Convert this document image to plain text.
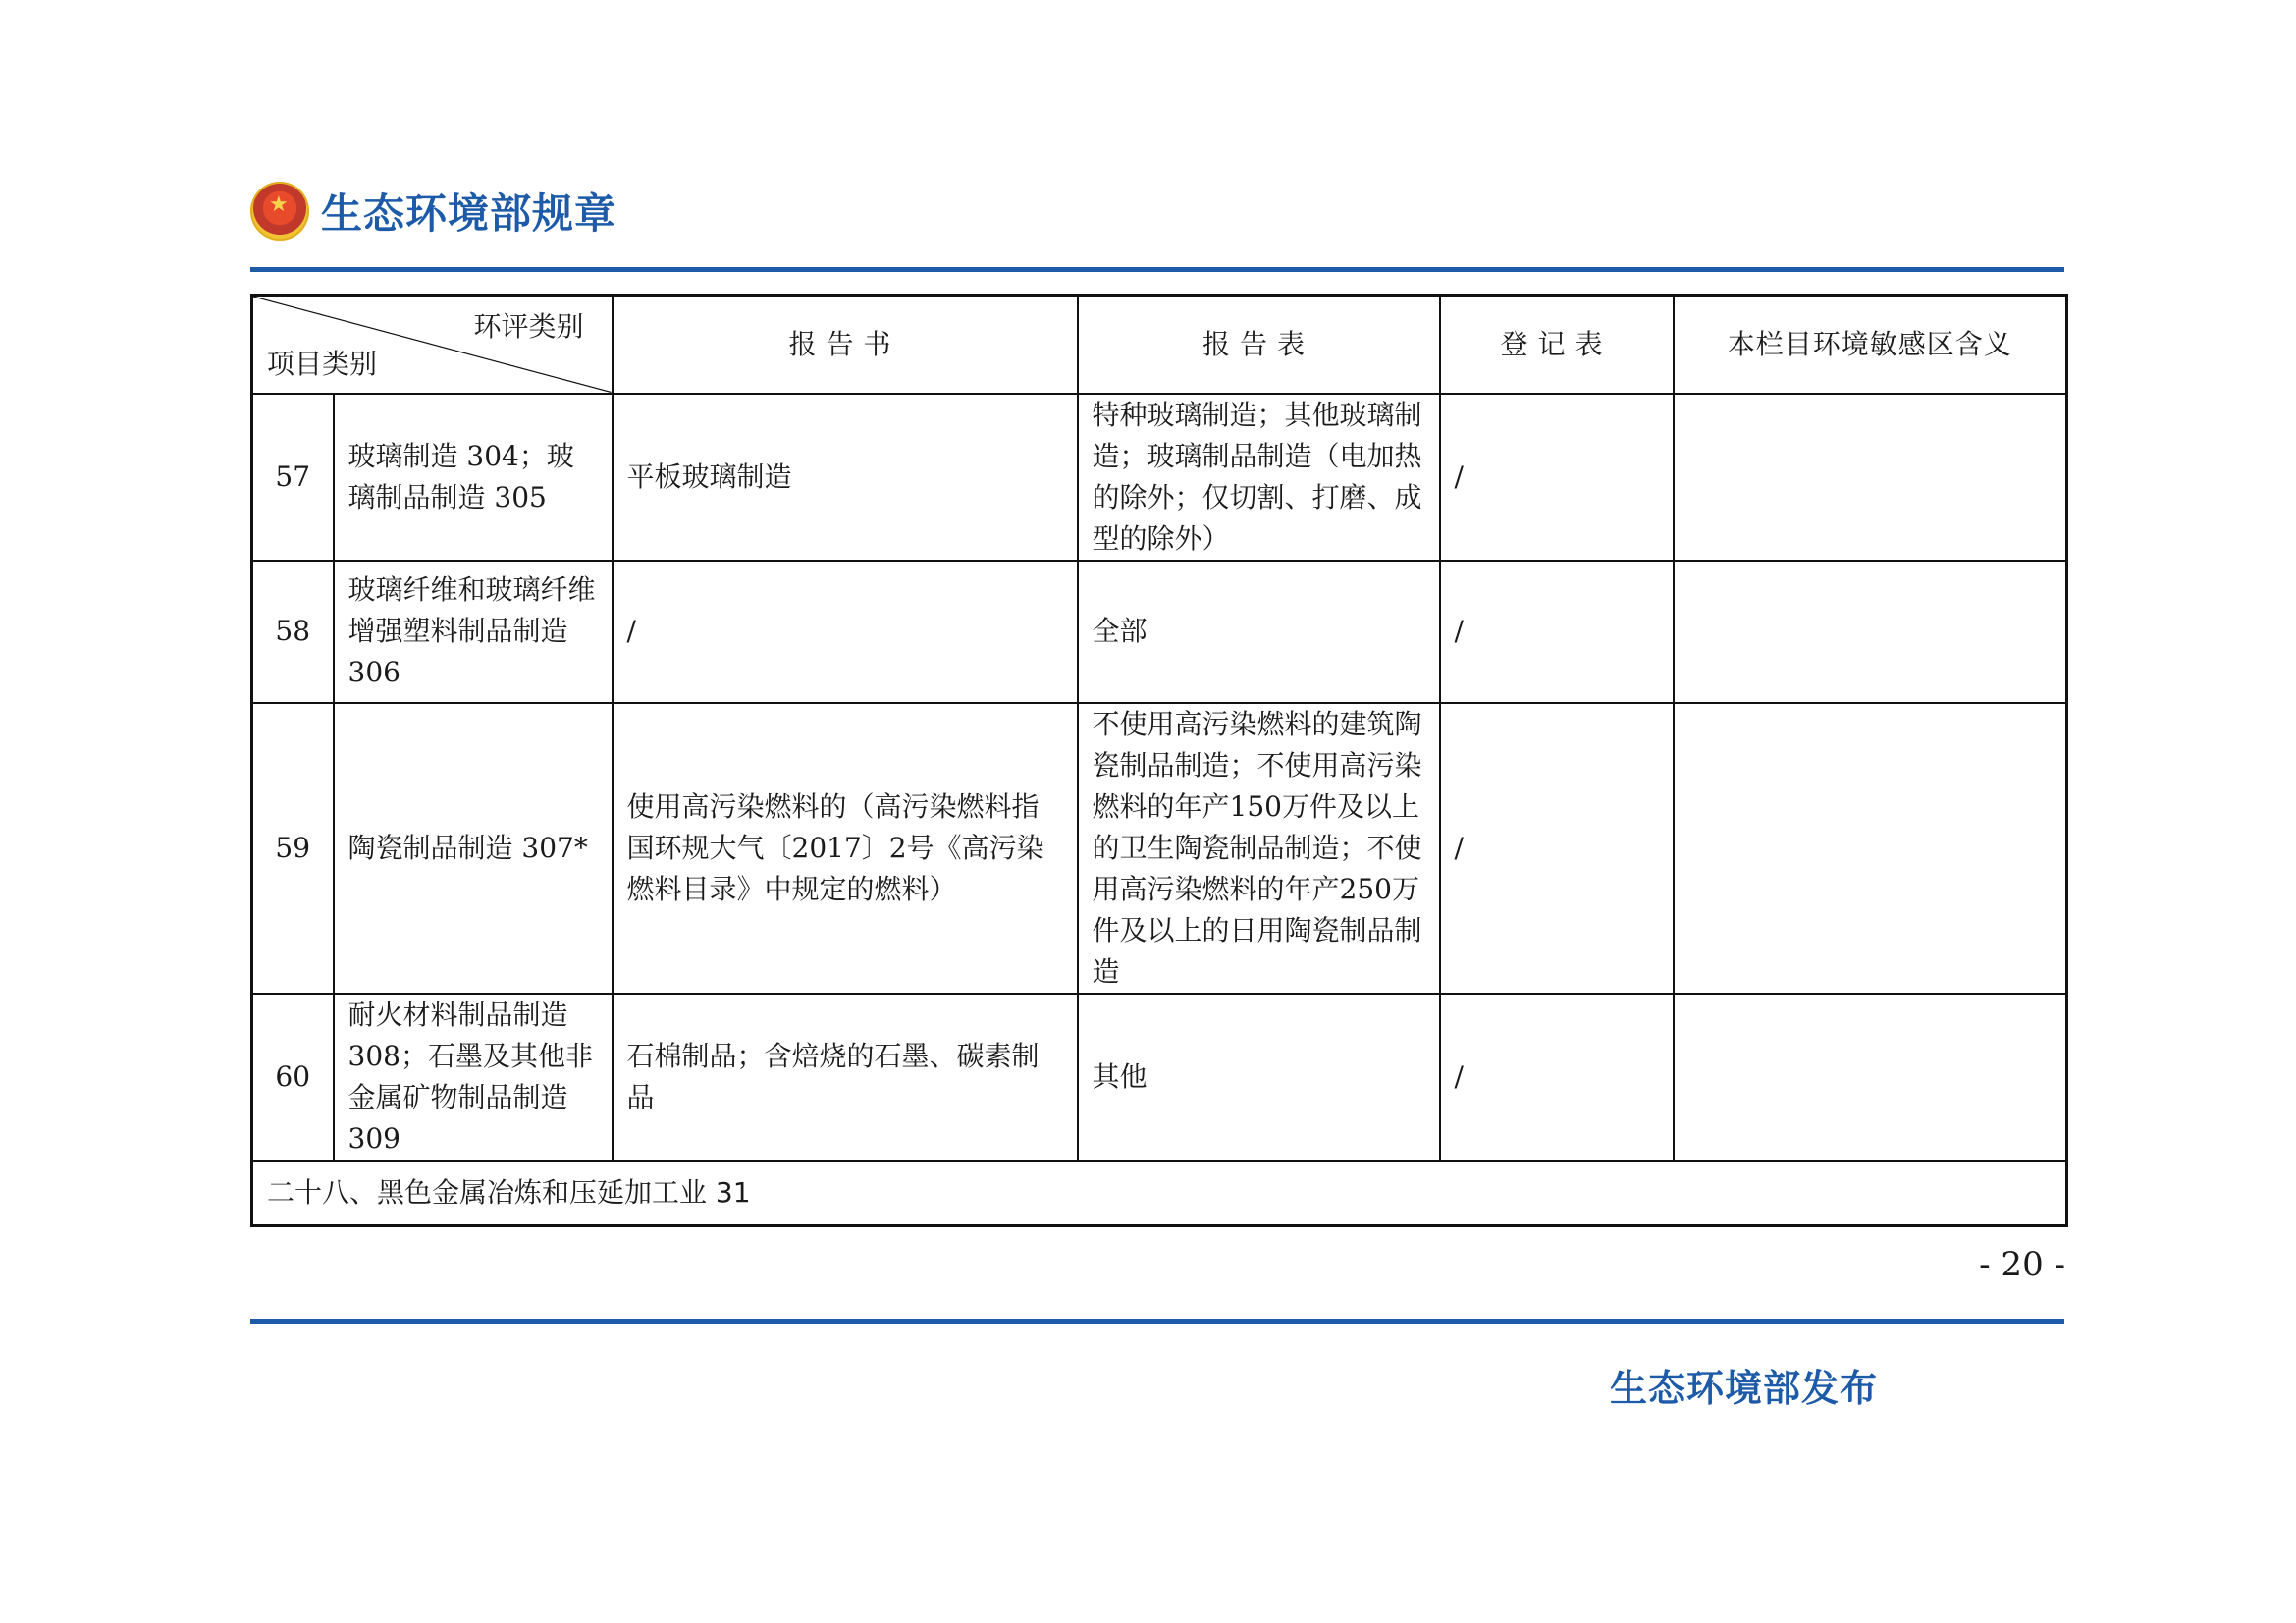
★
生态环境部规章
环评类别
项目类别		报告书	报告表	登记表	本栏目环境敏感区含义
57	玻璃制造 304；玻璃制品制造 305	平板玻璃制造	特种玻璃制造；其他玻璃制造；玻璃制品制造（电加热的除外；仅切割、打磨、成型的除外）	/	
58	玻璃纤维和玻璃纤维增强塑料制品制造 306	/	全部	/	
59	陶瓷制品制造 307*	使用高污染燃料的（高污染燃料指国环规大气〔2017〕2号《高污染燃料目录》中规定的燃料）	不使用高污染燃料的建筑陶瓷制品制造；不使用高污染燃料的年产150万件及以上的卫生陶瓷制品制造；不使用高污染燃料的年产250万件及以上的日用陶瓷制品制造	/	
60	耐火材料制品制造 308；石墨及其他非金属矿物制品制造 309	石棉制品；含焙烧的石墨、碳素制品	其他	/	
二十八、黑色金属冶炼和压延加工业 31					
- 20 -
生态环境部发布
